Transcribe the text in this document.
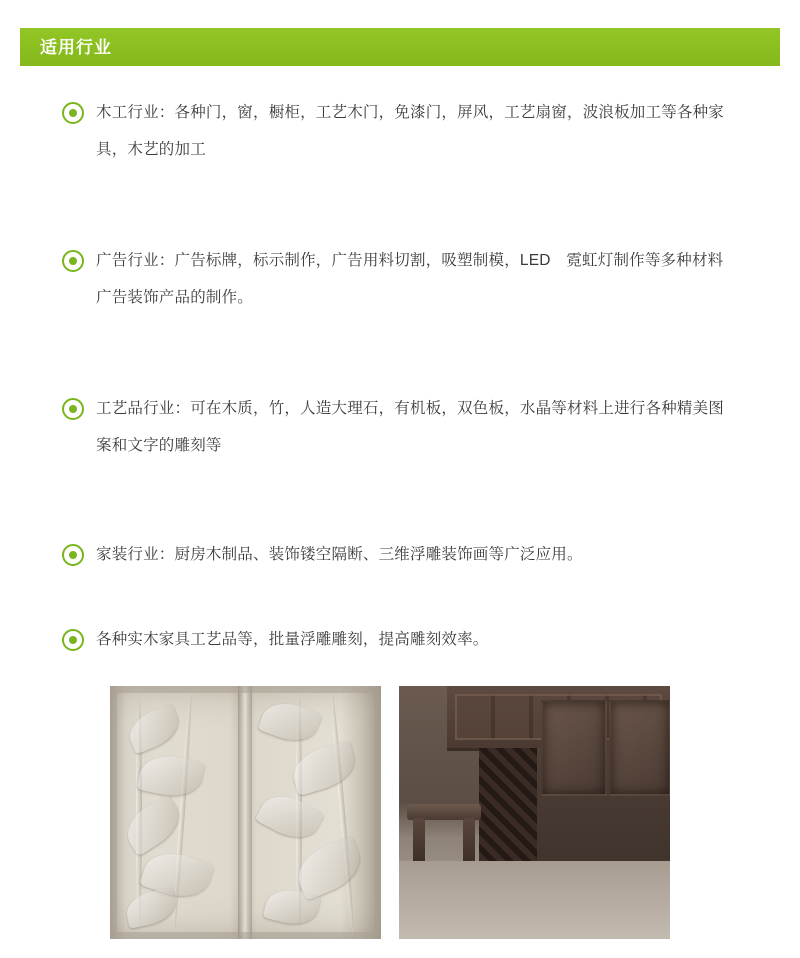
适用行业
木工行业：各种门，窗，橱柜，工艺木门，免漆门，屏风，工艺扇窗，波浪板加工等各种家具，木艺的加工
广告行业：广告标牌，标示制作，广告用料切割，吸塑制模，LED　霓虹灯制作等多种材料广告装饰产品的制作。
工艺品行业：可在木质，竹，人造大理石，有机板，双色板，水晶等材料上进行各种精美图案和文字的雕刻等
家装行业：厨房木制品、装饰镂空隔断、三维浮雕装饰画等广泛应用。
各种实木家具工艺品等，批量浮雕雕刻，提高雕刻效率。
